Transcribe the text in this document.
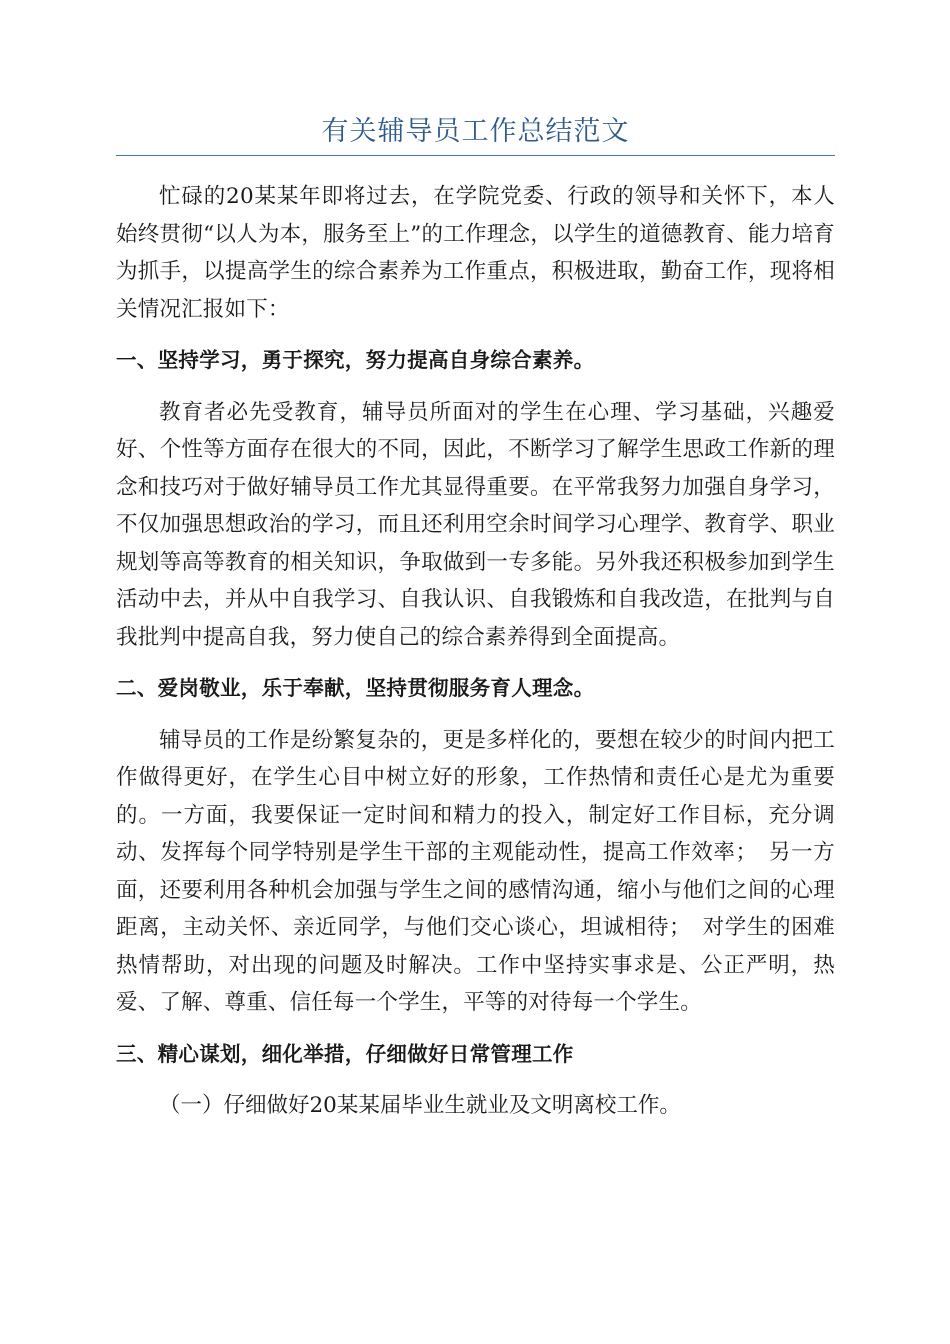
有关辅导员工作总结范文

忙碌的20某某年即将过去，在学院党委、行政的领导和关怀下，本人始终贯彻“以人为本，服务至上”的工作理念，以学生的道德教育、能力培育为抓手，以提高学生的综合素养为工作重点，积极进取，勤奋工作，现将相关情况汇报如下：

一、坚持学习，勇于探究，努力提高自身综合素养。

教育者必先受教育，辅导员所面对的学生在心理、学习基础，兴趣爱好、个性等方面存在很大的不同，因此，不断学习了解学生思政工作新的理念和技巧对于做好辅导员工作尤其显得重要。在平常我努力加强自身学习，不仅加强思想政治的学习，而且还利用空余时间学习心理学、教育学、职业规划等高等教育的相关知识，争取做到一专多能。另外我还积极参加到学生活动中去，并从中自我学习、自我认识、自我锻炼和自我改造，在批判与自我批判中提高自我，努力使自己的综合素养得到全面提高。

二、爱岗敬业，乐于奉献，坚持贯彻服务育人理念。

辅导员的工作是纷繁复杂的，更是多样化的，要想在较少的时间内把工作做得更好，在学生心目中树立好的形象，工作热情和责任心是尤为重要的。一方面，我要保证一定时间和精力的投入，制定好工作目标，充分调动、发挥每个同学特别是学生干部的主观能动性，提高工作效率；　另一方面，还要利用各种机会加强与学生之间的感情沟通，缩小与他们之间的心理距离，主动关怀、亲近同学，与他们交心谈心，坦诚相待；　对学生的困难热情帮助，对出现的问题及时解决。工作中坚持实事求是、公正严明，热爱、了解、尊重、信任每一个学生，平等的对待每一个学生。

三、精心谋划，细化举措，仔细做好日常管理工作

（一）仔细做好20某某届毕业生就业及文明离校工作。
